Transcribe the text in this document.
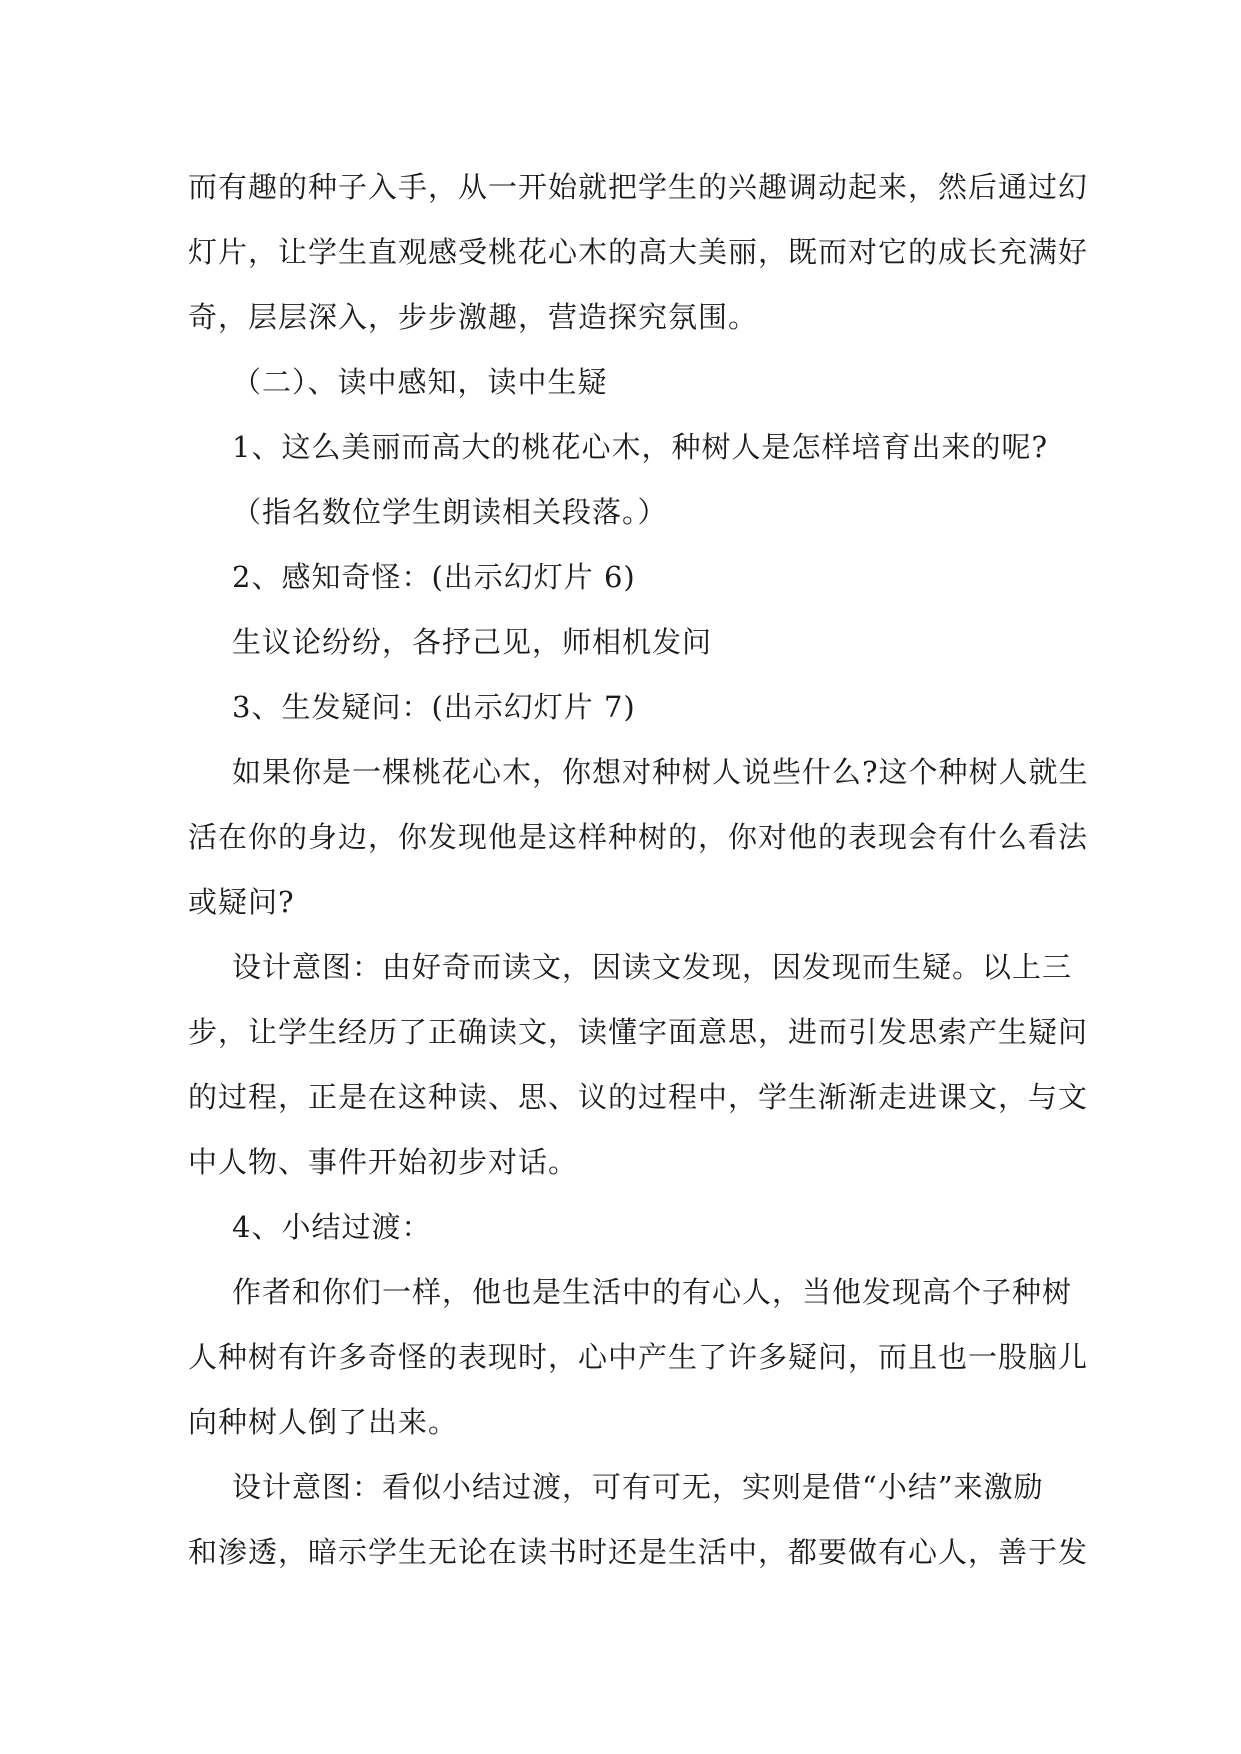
而有趣的种子入手，从一开始就把学生的兴趣调动起来，然后通过幻
灯片，让学生直观感受桃花心木的高大美丽，既而对它的成长充满好
奇，层层深入，步步激趣，营造探究氛围。
（二）、读中感知，读中生疑
1、这么美丽而高大的桃花心木，种树人是怎样培育出来的呢?
（指名数位学生朗读相关段落。）
2、感知奇怪：(出示幻灯片 6)
生议论纷纷，各抒己见，师相机发问
3、生发疑问：(出示幻灯片 7)
如果你是一棵桃花心木，你想对种树人说些什么?这个种树人就生
活在你的身边，你发现他是这样种树的，你对他的表现会有什么看法
或疑问?
设计意图：由好奇而读文，因读文发现，因发现而生疑。以上三
步，让学生经历了正确读文，读懂字面意思，进而引发思索产生疑问
的过程，正是在这种读、思、议的过程中，学生渐渐走进课文，与文
中人物、事件开始初步对话。
4、小结过渡：
作者和你们一样，他也是生活中的有心人，当他发现高个子种树
人种树有许多奇怪的表现时，心中产生了许多疑问，而且也一股脑儿
向种树人倒了出来。
设计意图：看似小结过渡，可有可无，实则是借“小结”来激励
和渗透，暗示学生无论在读书时还是生活中，都要做有心人，善于发
